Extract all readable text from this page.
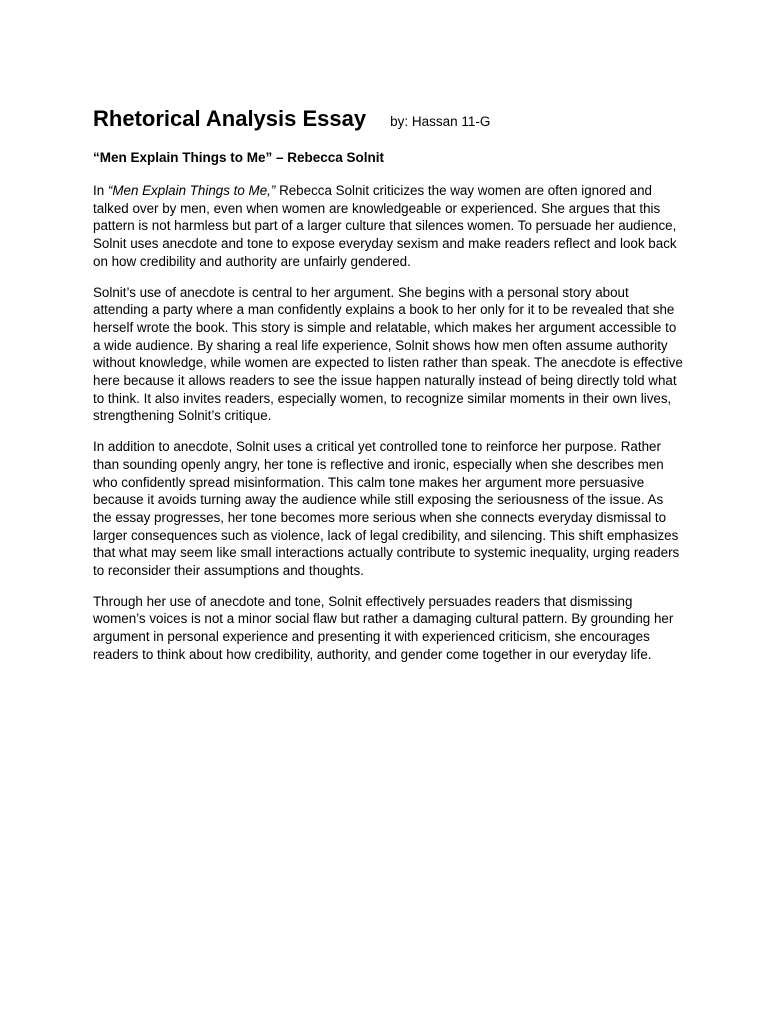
Rhetorical Analysis Essay by: Hassan 11-G
“Men Explain Things to Me” – Rebecca Solnit

In “Men Explain Things to Me,” Rebecca Solnit criticizes the way women are often ignored and talked over by men, even when women are knowledgeable or experienced. She argues that this pattern is not harmless but part of a larger culture that silences women. To persuade her audience, Solnit uses anecdote and tone to expose everyday sexism and make readers reflect and look back on how credibility and authority are unfairly gendered.

Solnit’s use of anecdote is central to her argument. She begins with a personal story about attending a party where a man confidently explains a book to her only for it to be revealed that she herself wrote the book. This story is simple and relatable, which makes her argument accessible to a wide audience. By sharing a real life experience, Solnit shows how men often assume authority without knowledge, while women are expected to listen rather than speak. The anecdote is effective here because it allows readers to see the issue happen naturally instead of being directly told what to think. It also invites readers, especially women, to recognize similar moments in their own lives, strengthening Solnit’s critique.

In addition to anecdote, Solnit uses a critical yet controlled tone to reinforce her purpose. Rather than sounding openly angry, her tone is reflective and ironic, especially when she describes men who confidently spread misinformation. This calm tone makes her argument more persuasive because it avoids turning away the audience while still exposing the seriousness of the issue. As the essay progresses, her tone becomes more serious when she connects everyday dismissal to larger consequences such as violence, lack of legal credibility, and silencing. This shift emphasizes that what may seem like small interactions actually contribute to systemic inequality, urging readers to reconsider their assumptions and thoughts.

Through her use of anecdote and tone, Solnit effectively persuades readers that dismissing women’s voices is not a minor social flaw but rather a damaging cultural pattern. By grounding her argument in personal experience and presenting it with experienced criticism, she encourages readers to think about how credibility, authority, and gender come together in our everyday life.
